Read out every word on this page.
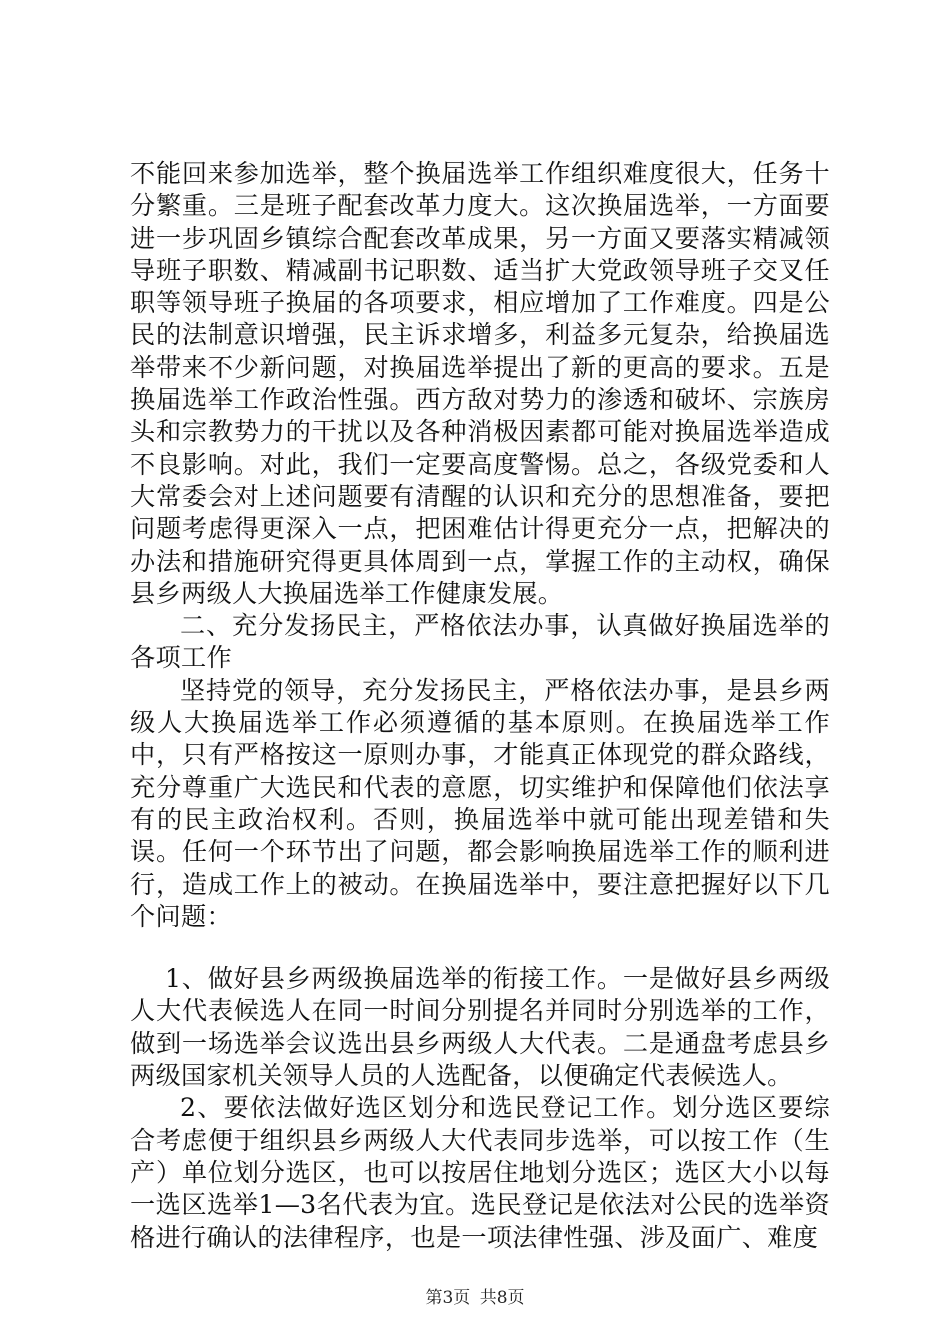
不能回来参加选举，整个换届选举工作组织难度很大，任务十分繁重。三是班子配套改革力度大。这次换届选举，一方面要进一步巩固乡镇综合配套改革成果，另一方面又要落实精减领导班子职数、精减副书记职数、适当扩大党政领导班子交叉任职等领导班子换届的各项要求，相应增加了工作难度。四是公民的法制意识增强，民主诉求增多，利益多元复杂，给换届选举带来不少新问题，对换届选举提出了新的更高的要求。五是换届选举工作政治性强。西方敌对势力的渗透和破坏、宗族房头和宗教势力的干扰以及各种消极因素都可能对换届选举造成不良影响。对此，我们一定要高度警惕。总之，各级党委和人大常委会对上述问题要有清醒的认识和充分的思想准备，要把问题考虑得更深入一点，把困难估计得更充分一点，把解决的办法和措施研究得更具体周到一点，掌握工作的主动权，确保县乡两级人大换届选举工作健康发展。

二、充分发扬民主，严格依法办事，认真做好换届选举的各项工作

坚持党的领导，充分发扬民主，严格依法办事，是县乡两级人大换届选举工作必须遵循的基本原则。在换届选举工作中，只有严格按这一原则办事，才能真正体现党的群众路线，充分尊重广大选民和代表的意愿，切实维护和保障他们依法享有的民主政治权利。否则，换届选举中就可能出现差错和失误。任何一个环节出了问题，都会影响换届选举工作的顺利进行，造成工作上的被动。在换届选举中，要注意把握好以下几个问题：

1、做好县乡两级换届选举的衔接工作。一是做好县乡两级人大代表候选人在同一时间分别提名并同时分别选举的工作，做到一场选举会议选出县乡两级人大代表。二是通盘考虑县乡两级国家机关领导人员的人选配备，以便确定代表候选人。

2、要依法做好选区划分和选民登记工作。划分选区要综合考虑便于组织县乡两级人大代表同步选举，可以按工作（生产）单位划分选区，也可以按居住地划分选区；选区大小以每一选区选举1—3名代表为宜。选民登记是依法对公民的选举资格进行确认的法律程序，也是一项法律性强、涉及面广、难度

第3页 共8页
